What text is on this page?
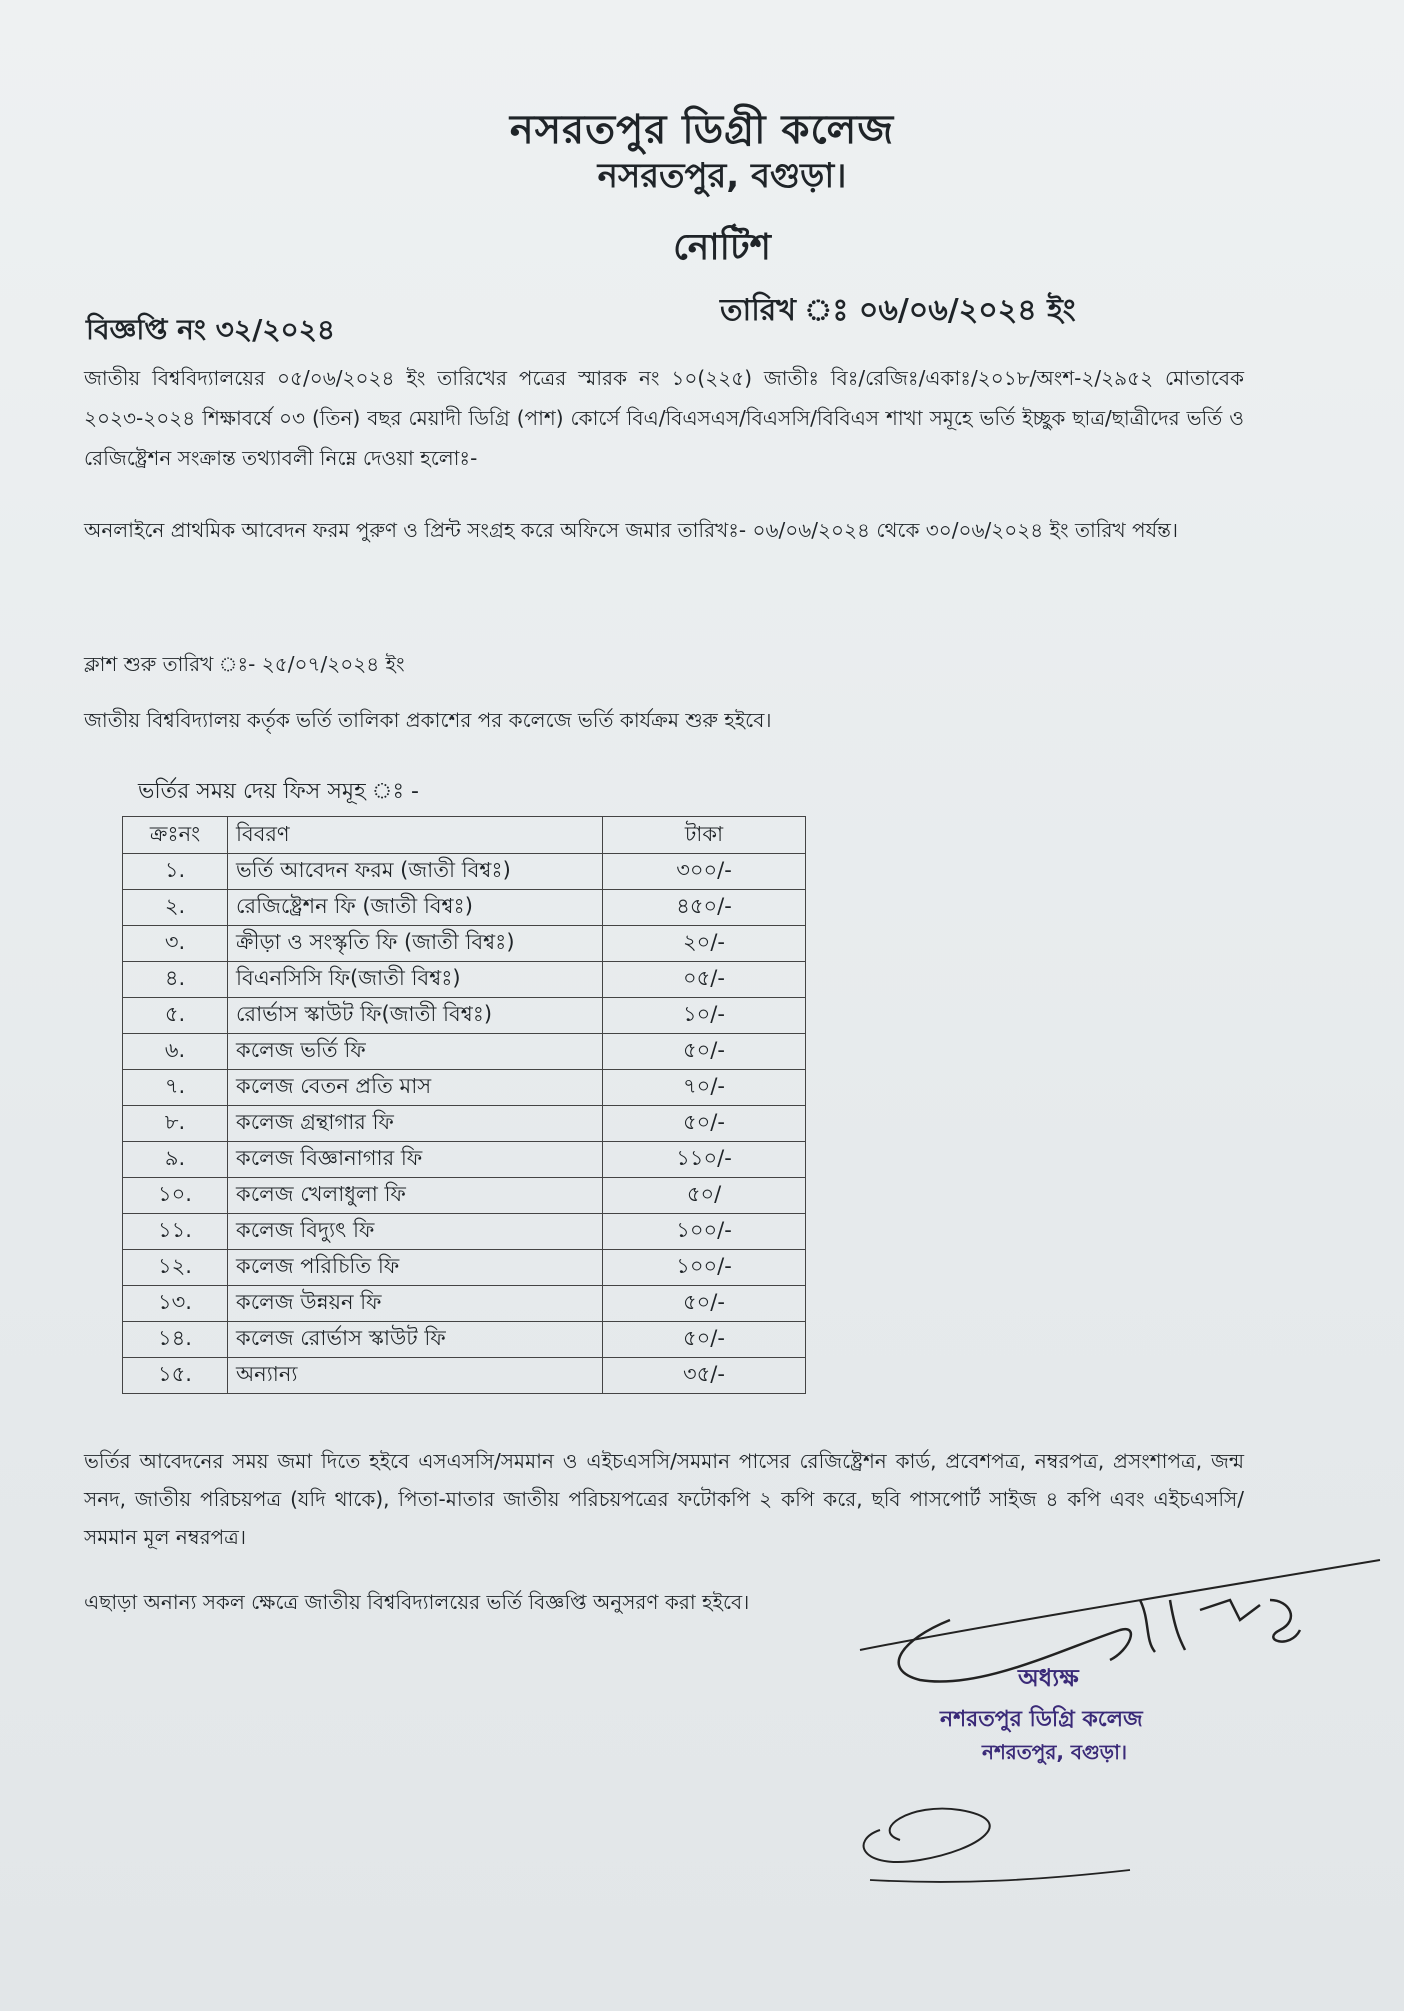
নসরতপুর ডিগ্রী কলেজ
নসরতপুর, বগুড়া।
নোটিশ
বিজ্ঞপ্তি নং ৩২/২০২৪
তারিখ ঃ ০৬/০৬/২০২৪ ইং
জাতীয় বিশ্ববিদ্যালয়ের ০৫/০৬/২০২৪ ইং তারিখের পত্রের স্মারক নং ১০(২২৫) জাতীঃ বিঃ/রেজিঃ/একাঃ/২০১৮/অংশ-২/২৯৫২ মোতাবেক ২০২৩-২০২৪ শিক্ষাবর্ষে ০৩ (তিন) বছর মেয়াদী ডিগ্রি (পাশ) কোর্সে বিএ/বিএসএস/বিএসসি/বিবিএস শাখা সমূহে ভর্তি ইচ্ছুক ছাত্র/ছাত্রীদের ভর্তি ও রেজিষ্ট্রেশন সংক্রান্ত তথ্যাবলী নিম্নে দেওয়া হলোঃ-
অনলাইনে প্রাথমিক আবেদন ফরম পুরুণ ও প্রিন্ট সংগ্রহ করে অফিসে জমার তারিখঃ- ০৬/০৬/২০২৪ থেকে ৩০/০৬/২০২৪ ইং তারিখ পর্যন্ত।
ক্লাশ শুরু তারিখ ঃ- ২৫/০৭/২০২৪ ইং
জাতীয় বিশ্ববিদ্যালয় কর্তৃক ভর্তি তালিকা প্রকাশের পর কলেজে ভর্তি কার্যক্রম শুরু হইবে।
ভর্তির সময় দেয় ফিস সমূহ ঃ -
ক্রঃনং	বিবরণ	টাকা
১.	ভর্তি আবেদন ফরম (জাতী বিশ্বঃ)	৩০০/-
২.	রেজিষ্ট্রেশন ফি (জাতী বিশ্বঃ)	৪৫০/-
৩.	ক্রীড়া ও সংস্কৃতি ফি (জাতী বিশ্বঃ)	২০/-
৪.	বিএনসিসি ফি(জাতী বিশ্বঃ)	০৫/-
৫.	রোর্ভাস স্কাউট ফি(জাতী বিশ্বঃ)	১০/-
৬.	কলেজ ভর্তি ফি	৫০/-
৭.	কলেজ বেতন প্রতি মাস	৭০/-
৮.	কলেজ গ্রন্থাগার ফি	৫০/-
৯.	কলেজ বিজ্ঞানাগার ফি	১১০/-
১০.	কলেজ খেলাধুলা ফি	৫০/
১১.	কলেজ বিদ্যুৎ ফি	১০০/-
১২.	কলেজ পরিচিতি ফি	১০০/-
১৩.	কলেজ উন্নয়ন ফি	৫০/-
১৪.	কলেজ রোর্ভাস স্কাউট ফি	৫০/-
১৫.	অন্যান্য	৩৫/-
ভর্তির আবেদনের সময় জমা দিতে হইবে এসএসসি/সমমান ও এইচএসসি/সমমান পাসের রেজিষ্ট্রেশন কার্ড, প্রবেশপত্র, নম্বরপত্র, প্রসংশাপত্র, জন্ম সনদ, জাতীয় পরিচয়পত্র (যদি থাকে), পিতা-মাতার জাতীয় পরিচয়পত্রের ফটোকপি ২ কপি করে, ছবি পাসপোর্ট সাইজ ৪ কপি এবং এইচএসসি/সমমান মূল নম্বরপত্র।
এছাড়া অনান্য সকল ক্ষেত্রে জাতীয় বিশ্ববিদ্যালয়ের ভর্তি বিজ্ঞপ্তি অনুসরণ করা হইবে।
অধ্যক্ষ
নশরতপুর ডিগ্রি কলেজ
নশরতপুর, বগুড়া।
